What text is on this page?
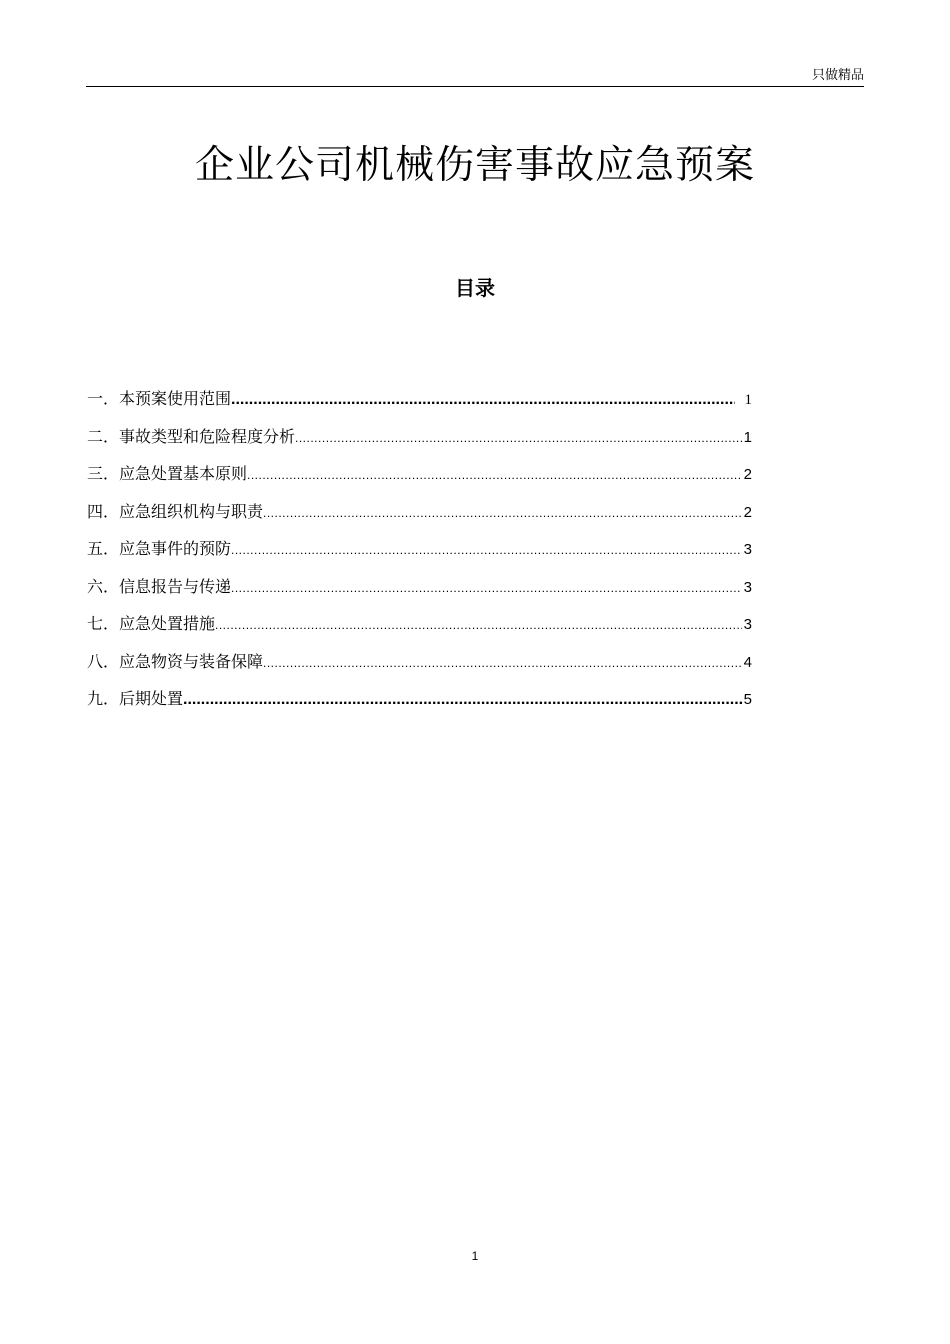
只做精品
企业公司机械伤害事故应急预案
目录
一．本预案使用范围 .....	1
二．事故类型和危险程度分析 .....	1
三．应急处置基本原则 .....	2
四．应急组织机构与职责 .....	2
五．应急事件的预防 .....	3
六．信息报告与传递 .....	3
七．应急处置措施 .....	3
八．应急物资与装备保障 .....	4
九．后期处置 .....	5
1
